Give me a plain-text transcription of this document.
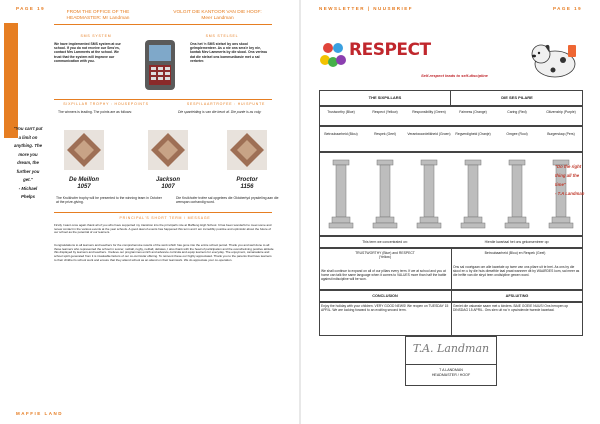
PAGE 19
FROM THE OFFICE OF THE HEADMASTER: Mr Landman
VOLGIT DIE KANTOOR VAN DIE HOOF: Meer Landman
"You can't put
a limit on
anything. The
more you
dream, the
further you
get."
- Michael
Phelps
SMS SYSTEM	SMS STELSEL
We have implemented SMS system at our school. If you do not receive our Sms'es, contact Mrs Lammerts at the school. We trust that the system will improve our communication with you.
Ons het 'n SMS stelsel by ons skool geïmplementeer. As u nie ons sms'e kry nie, kontak Mev Lammerts by die skool. Ons vertrou dat die stelsel ons kommunikasie met u sal verbeter.
SIXPILLAR TROPHY : HOUSEPOINTS	SESPILAARTROFEE : HUISPUNTE
The winners is leading. The points are as follows:	Die spanleiding is van die beurt af. Die punte is as volg:
De Meillon
1057
Jackson
1007
Proctor
1156
The Kruikhofer trophy will be presented to the winning team in October at the prize-giving.
Die Kruikhofer trofee sal opgelees die Oktobertyd prysdeling aan die wenspan oorhandig word.
PRINCIPAL'S SHORT TERM / MESSAGE
Firstly I want once again thank all of you who have supported my transition into the principal's role at Maffieng High School. It has been wonderful to meet some and renew contact in the various events at the year schools. A good deal of events has happened this term and I am incredibly positive and optimistic about the future of our school as the potential of our learners.
Congratulations to all learners and teachers for the comprehensive results of the work which has gone into the entire school period. Thank you and well done to all those learners who represented the school in soccer, netball, rugby, netball, debates, I also thank with the head of participation and the overwhelming positive attitude this displayed by learners and teachers. I believe our programmes enrich and advance curricula and equip learners for everyday. The enjoyment, camaraderie and school spirit generated from it is invaluable factors of our co-curricular offering. To reinvent these our highly appreciated. Thank you to the parents that have learners to their children's school work and ensure that they attend school as an attend on their learnwork. We do appreciate your co-operation.
MAFFIE LAND
NEWSLETTER | NUUSBRIEF	PAGE 19
RESPECT
Self-respect leads to self-discipline
THE SIXPILLARS	DIE SES PILARE
Trustworthy (Blue)	Respect (Yellow)	Responsibility (Green)	Fairness (Orange)	Caring (Red)	Citizenship (Purple)
Betroubaarheid (Blou)	Respek (Geel)	Verantwoordelikheid (Groen)	Regverdigheid (Oranje)	Omgee (Rooi)	Burgerskap (Pers)
This term we concentrated on:	Hierdie kwartaal het ons gekonsentreer op:
TRUSTWORTHY (Blue) and RESPECT (Yellow)
Betroubaarheid (Blou) en Respek (Geel)
We shall continue to expand on all of our pillars every term. If we at school and you at home can talk the same language when it comes to VALUES more than half the battle against indiscipline will be won.
Ons sal voortgaan om alle kwartale op twee van ons pilare uit te brei. As ons by die skool en u by die huis dieselfde taal praat wanneer dit by WAARDES kom, sal meer as die helfte van die stryd teen ondisipline gewen word.
CONCLUSION	AFSLUITING
Enjoy the holiday with your children. VERY GOOD NEWS! We reopen on TUESDAY 15 APRIL. We are looking forward to an exciting second term.
Geniet die vakansie saam met u kinders. BAIE GOEIE NUUS! Ons heropen op DINSDAG 15 APRIL. Ons sien uit na 'n opwindende tweede kwartaal.
T.A. Landman
T A LANDMAN
HEADMASTER / HOOF
"Do the right
thing all the
time"
- T.A Landman
